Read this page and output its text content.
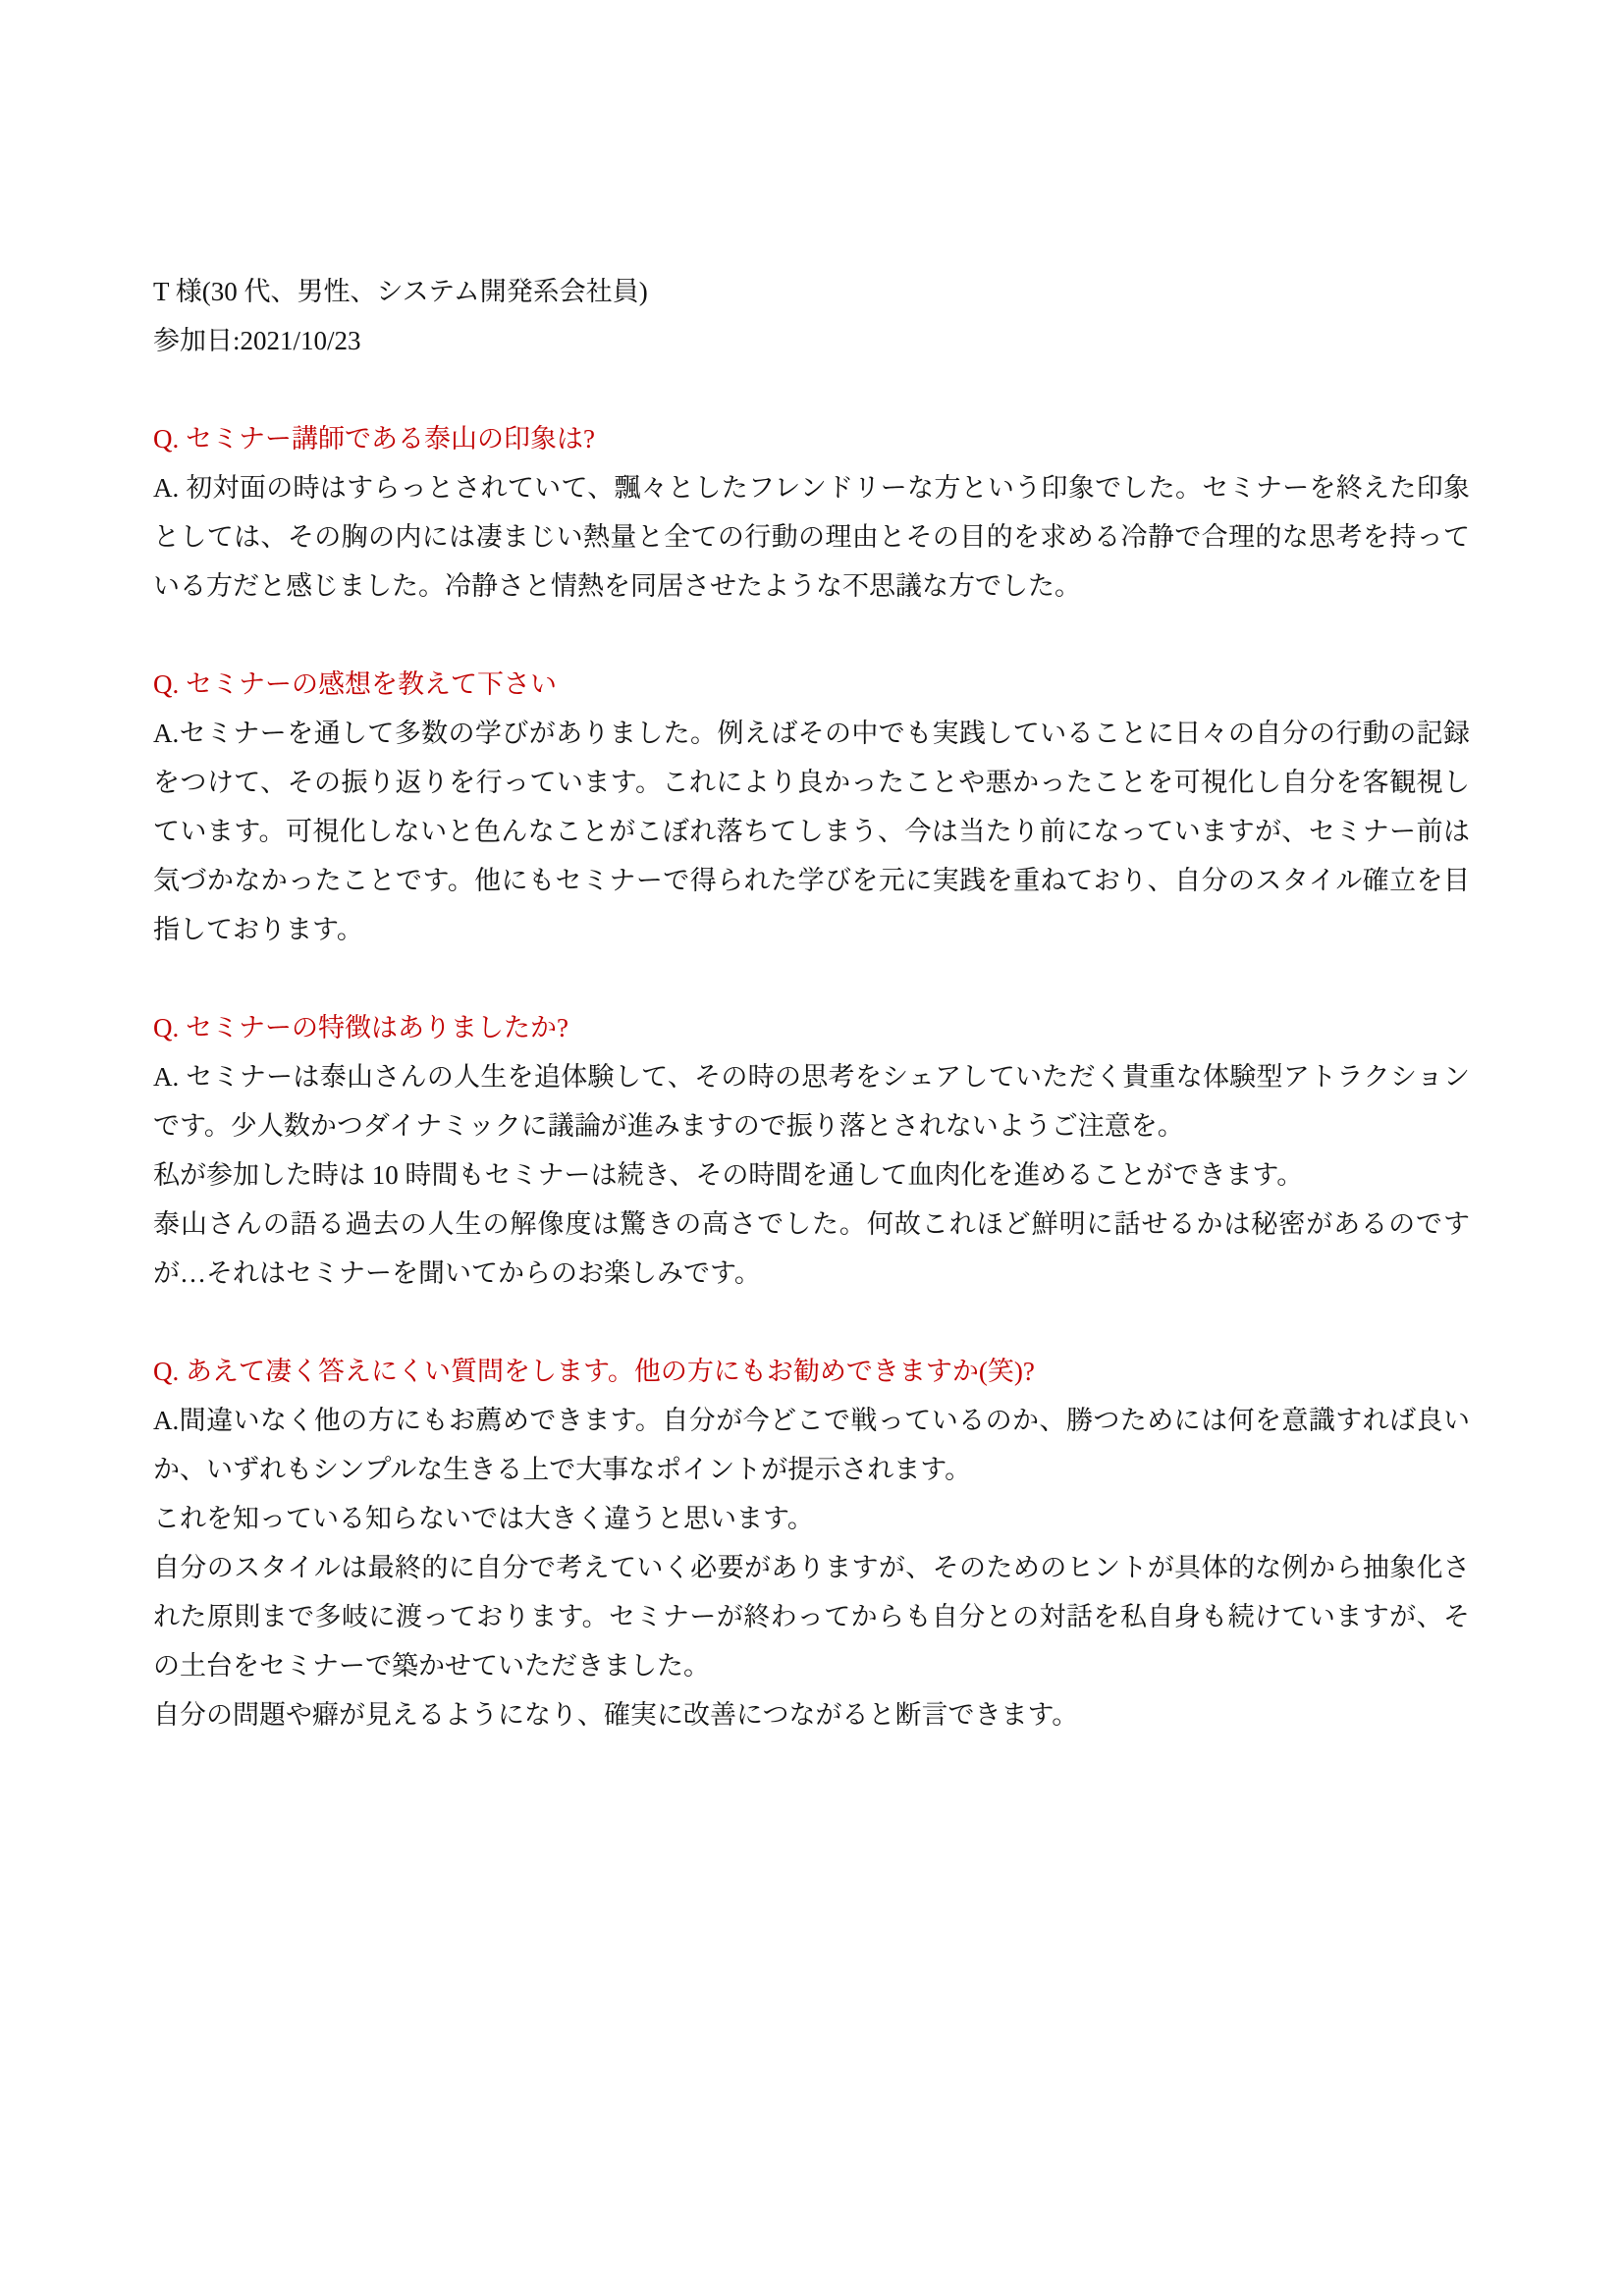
T 様(30 代、男性、システム開発系会社員)

参加日:2021/10/23

Q. セミナー講師である泰山の印象は?

A. 初対面の時はすらっとされていて、飄々としたフレンドリーな方という印象でした。セミナーを終えた印象としては、その胸の内には凄まじい熱量と全ての行動の理由とその目的を求める冷静で合理的な思考を持っている方だと感じました。冷静さと情熱を同居させたような不思議な方でした。

Q. セミナーの感想を教えて下さい

A.セミナーを通して多数の学びがありました。例えばその中でも実践していることに日々の自分の行動の記録をつけて、その振り返りを行っています。これにより良かったことや悪かったことを可視化し自分を客観視しています。可視化しないと色んなことがこぼれ落ちてしまう、今は当たり前になっていますが、セミナー前は気づかなかったことです。他にもセミナーで得られた学びを元に実践を重ねており、自分のスタイル確立を目指しております。

Q. セミナーの特徴はありましたか?

A. セミナーは泰山さんの人生を追体験して、その時の思考をシェアしていただく貴重な体験型アトラクションです。少人数かつダイナミックに議論が進みますので振り落とされないようご注意を。

私が参加した時は 10 時間もセミナーは続き、その時間を通して血肉化を進めることができます。

泰山さんの語る過去の人生の解像度は驚きの高さでした。何故これほど鮮明に話せるかは秘密があるのですが…それはセミナーを聞いてからのお楽しみです。

Q. あえて凄く答えにくい質問をします。他の方にもお勧めできますか(笑)?

A.間違いなく他の方にもお薦めできます。自分が今どこで戦っているのか、勝つためには何を意識すれば良いか、いずれもシンプルな生きる上で大事なポイントが提示されます。

これを知っている知らないでは大きく違うと思います。

自分のスタイルは最終的に自分で考えていく必要がありますが、そのためのヒントが具体的な例から抽象化された原則まで多岐に渡っております。セミナーが終わってからも自分との対話を私自身も続けていますが、その土台をセミナーで築かせていただきました。

自分の問題や癖が見えるようになり、確実に改善につながると断言できます。
